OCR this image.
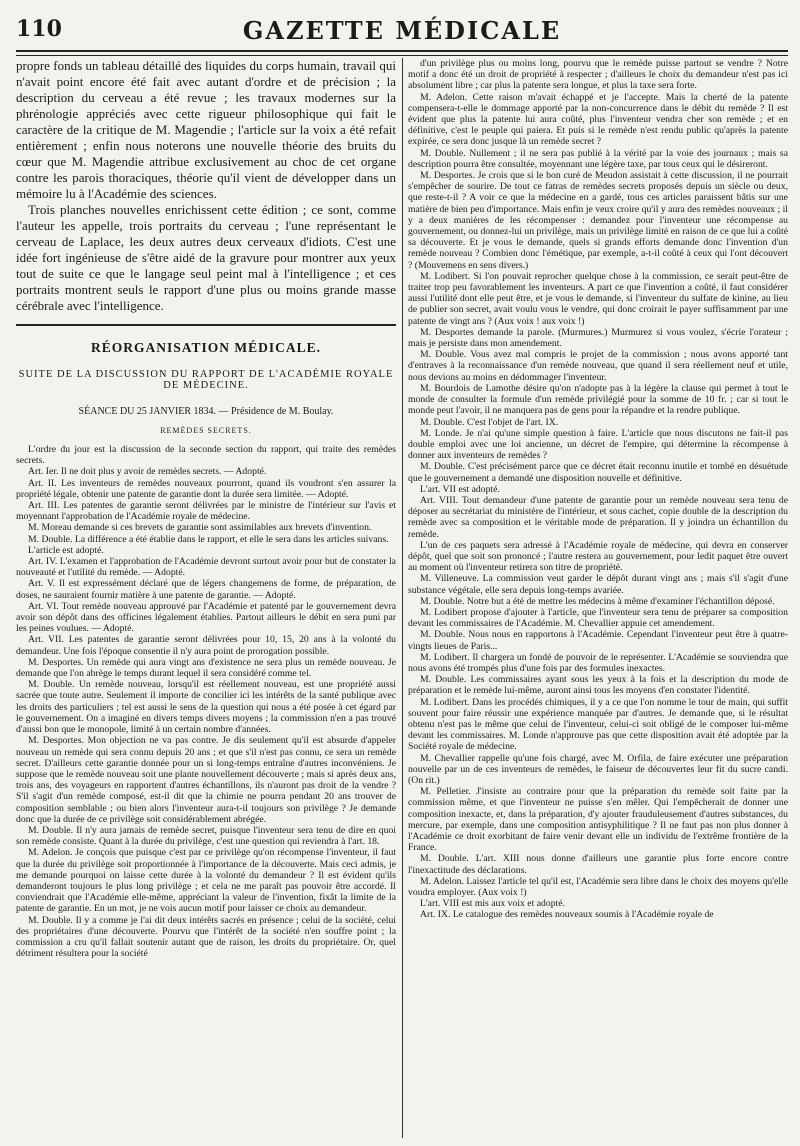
110	GAZETTE MÉDICALE

propre fonds un tableau détaillé des liquides du corps humain, travail qui n'avait point encore été fait avec autant d'ordre et de précision ; la description du cerveau a été revue ; les travaux modernes sur la phrénologie appréciés avec cette rigueur philosophique qui fait le caractère de la critique de M. Magendie ; l'article sur la voix a été refait entièrement ; enfin nous noterons une nouvelle théorie des bruits du cœur que M. Magendie attribue exclusivement au choc de cet organe contre les parois thoraciques, théorie qu'il vient de développer dans un mémoire lu à l'Académie des sciences.

Trois planches nouvelles enrichissent cette édition ; ce sont, comme l'auteur les appelle, trois portraits du cerveau ; l'une représentant le cerveau de Laplace, les deux autres deux cerveaux d'idiots. C'est une idée fort ingénieuse de s'être aidé de la gravure pour montrer aux yeux tout de suite ce que le langage seul peint mal à l'intelligence ; et ces portraits montrent seuls le rapport d'une plus ou moins grande masse cérébrale avec l'intelligence.

RÉORGANISATION MÉDICALE.

SUITE DE LA DISCUSSION DU RAPPORT DE L'ACADÉMIE ROYALE DE MÉDECINE.

SÉANCE DU 25 JANVIER 1834. — Présidence de M. Boulay.

REMÈDES SECRETS.

L'ordre du jour est la discussion de la seconde section du rapport, qui traite des remèdes secrets.

Art. Ier. Il ne doit plus y avoir de remèdes secrets. — Adopté.

Art. II. Les inventeurs de remèdes nouveaux pourront, quand ils voudront s'en assurer la propriété légale, obtenir une patente de garantie dont la durée sera limitée. — Adopté.

Art. III. Les patentes de garantie seront délivrées par le ministre de l'intérieur sur l'avis et moyennant l'approbation de l'Académie royale de médecine.

M. Moreau demande si ces brevets de garantie sont assimilables aux brevets d'invention.

M. Double. La différence a été établie dans le rapport, et elle le sera dans les articles suivans.

L'article est adopté.

Art. IV. L'examen et l'approbation de l'Académie devront surtout avoir pour but de constater la nouveauté et l'utilité du remède. — Adopté.

Art. V. Il est expressément déclaré que de légers changemens de forme, de préparation, de doses, ne sauraient fournir matière à une patente de garantie. — Adopté.

Art. VI. Tout remède nouveau approuvé par l'Académie et patenté par le gouvernement devra avoir son dépôt dans des officines légalement établies. Partout ailleurs le débit en sera puni par les peines voulues. — Adopté.

Art. VII. Les patentes de garantie seront délivrées pour 10, 15, 20 ans à la volonté du demandeur. Une fois l'époque consentie il n'y aura point de prorogation possible.

M. Desportes. Un remède qui aura vingt ans d'existence ne sera plus un remède nouveau. Je demande que l'on abrège le temps durant lequel il sera considéré comme tel.

M. Double. Un remède nouveau, lorsqu'il est réellement nouveau, est une propriété aussi sacrée que toute autre. Seulement il importe de concilier ici les intérêts de la santé publique avec les droits des particuliers ; tel est aussi le sens de la question qui nous a été posée à cet égard par le gouvernement. On a imaginé en divers temps divers moyens ; la commission n'en a pas trouvé d'aussi bon que le monopole, limité à un certain nombre d'années.

M. Desportes. Mon objection ne va pas contre. Je dis seulement qu'il est absurde d'appeler nouveau un remède qui sera connu depuis 20 ans ; et que s'il n'est pas connu, ce sera un remède secret. D'ailleurs cette garantie donnée pour un si long-temps entraîne d'autres inconvéniens. Je suppose que le remède nouveau soit une plante nouvellement découverte ; mais si après deux ans, trois ans, des voyageurs en rapportent d'autres échantillons, ils n'auront pas droit de la vendre ? S'il s'agit d'un remède composé, est-il dit que la chimie ne pourra pendant 20 ans trouver de composition semblable ; ou bien alors l'inventeur aura-t-il toujours son privilège ? Je demande donc que la durée de ce privilège soit considérablement abrégée.

M. Double. Il n'y aura jamais de remède secret, puisque l'inventeur sera tenu de dire en quoi son remède consiste. Quant à la durée du privilège, c'est une question qui reviendra à l'art. 18.

M. Adelon. Je conçois que puisque c'est par ce privilège qu'on récompense l'inventeur, il faut que la durée du privilège soit proportionnée à l'importance de la découverte. Mais ceci admis, je me demande pourquoi on laisse cette durée à la volonté du demandeur ? Il est évident qu'ils demanderont toujours le plus long privilège ; et cela ne me paraît pas pouvoir être accordé. Il conviendrait que l'Académie elle-même, appréciant la valeur de l'invention, fixât la limite de la patente de garantie. En un mot, je ne vois aucun motif pour laisser ce choix au demandeur.

M. Double. Il y a comme je l'ai dit deux intérêts sacrés en présence ; celui de la société, celui des propriétaires d'une découverte. Pourvu que l'intérêt de la société n'en souffre point ; la commission a cru qu'il fallait soutenir autant que de raison, les droits du propriétaire. Or, quel détriment résultera pour la société

d'un privilège plus ou moins long, pourvu que le remède puisse partout se vendre ? Notre motif a donc été un droit de propriété à respecter ; d'ailleurs le choix du demandeur n'est pas ici absolument libre ; car plus la patente sera longue, et plus la taxe sera forte.

M. Adelon. Cette raison m'avait échappé et je l'accepte. Mais la cherté de la patente compensera-t-elle le dommage apporté par la non-concurrence dans le débit du remède ? Il est évident que plus la patente lui aura coûté, plus l'inventeur vendra cher son remède ; et en définitive, c'est le peuple qui paiera. Et puis si le remède n'est rendu public qu'après la patente expirée, ce sera donc jusque là un remède secret ?

M. Double. Nullement ; il ne sera pas publié à la vérité par la voie des journaux ; mais sa description pourra être consultée, moyennant une légère taxe, par tous ceux qui le désireront.

M. Desportes. Je crois que si le bon curé de Meudon assistait à cette discussion, il ne pourrait s'empêcher de sourire. De tout ce fatras de remèdes secrets proposés depuis un siècle ou deux, que reste-t-il ? A voir ce que la médecine en a gardé, tous ces articles paraissent bâtis sur une matière de bien peu d'importance. Mais enfin je veux croire qu'il y aura des remèdes nouveaux ; il y a deux manières de les récompenser : demandez pour l'inventeur une récompense au gouvernement, ou donnez-lui un privilège, mais un privilège limité en raison de ce que lui a coûté sa découverte. Et je vous le demande, quels si grands efforts demande donc l'invention d'un remède nouveau ? Combien donc l'émétique, par exemple, a-t-il coûté à ceux qui l'ont découvert ? (Mouvemens en sens divers.)

M. Lodibert. Si l'on pouvait reprocher quelque chose à la commission, ce serait peut-être de traiter trop peu favorablement les inventeurs. A part ce que l'invention a coûté, il faut considérer aussi l'utilité dont elle peut être, et je vous le demande, si l'inventeur du sulfate de kinine, au lieu de publier son secret, avait voulu vous le vendre, qui donc croirait le payer suffisamment par une patente de vingt ans ? (Aux voix ! aux voix !)

M. Desportes demande la parole. (Murmures.) Murmurez si vous voulez, s'écrie l'orateur ; mais je persiste dans mon amendement.

M. Double. Vous avez mal compris le projet de la commission ; nous avons apporté tant d'entraves à la reconnaissance d'un remède nouveau, que quand il sera réellement neuf et utile, nous devions au moins en dédommager l'inventeur.

M. Bourdois de Lamothe désire qu'on n'adopte pas à la légère la clause qui permet à tout le monde de consulter la formule d'un remède privilégié pour la somme de 10 fr. ; car si tout le monde peut l'avoir, il ne manquera pas de gens pour la répandre et la rendre publique.

M. Double. C'est l'objet de l'art. IX.

M. Londe. Je n'ai qu'une simple question à faire. L'article que nous discutons ne fait-il pas double emploi avec une loi ancienne, un décret de l'empire, qui détermine la récompense à donner aux inventeurs de remèdes ?

M. Double. C'est précisément parce que ce décret était reconnu inutile et tombé en désuétude que le gouvernement a demandé une disposition nouvelle et définitive.

L'art. VII est adopté.

Art. VIII. Tout demandeur d'une patente de garantie pour un remède nouveau sera tenu de déposer au secrétariat du ministère de l'intérieur, et sous cachet, copie double de la description du remède avec sa composition et le véritable mode de préparation. Il y joindra un échantillon du remède.

L'un de ces paquets sera adressé à l'Académie royale de médecine, qui devra en conserver dépôt, quel que soit son prononcé ; l'autre restera au gouvernement, pour ledit paquet être ouvert au moment où l'inventeur retirera son titre de propriété.

M. Villeneuve. La commission veut garder le dépôt durant vingt ans ; mais s'il s'agit d'une substance végétale, elle sera depuis long-temps avariée.

M. Double. Notre but a été de mettre les médecins à même d'examiner l'échantillon déposé.

M. Lodibert propose d'ajouter à l'article, que l'inventeur sera tenu de préparer sa composition devant les commissaires de l'Académie. M. Chevallier appuie cet amendement.

M. Double. Nous nous en rapportons à l'Académie. Cependant l'inventeur peut être à quatre-vingts lieues de Paris...

M. Lodibert. Il chargera un fondé de pouvoir de le représenter. L'Académie se souviendra que nous avons été trompés plus d'une fois par des formules inexactes.

M. Double. Les commissaires ayant sous les yeux à la fois et la description du mode de préparation et le remède lui-même, auront ainsi tous les moyens d'en constater l'identité.

M. Lodibert. Dans les procédés chimiques, il y a ce que l'on nomme le tour de main, qui suffit souvent pour faire réussir une expérience manquée par d'autres. Je demande que, si le résultat obtenu n'est pas le même que celui de l'inventeur, celui-ci soit obligé de le composer lui-même devant les commissaires. M. Londe n'approuve pas que cette disposition avait été adoptée par la Société royale de médecine.

M. Chevallier rappelle qu'une fois chargé, avec M. Orfila, de faire exécuter une préparation nouvelle par un de ces inventeurs de remèdes, le faiseur de découvertes leur fit du sucre candi. (On rit.)

M. Pelletier. J'insiste au contraire pour que la préparation du remède soit faite par la commission même, et que l'inventeur ne puisse s'en mêler. Qui l'empêcherait de donner une composition inexacte, et, dans la préparation, d'y ajouter frauduleusement d'autres substances, du mercure, par exemple, dans une composition antisyphilitique ? Il ne faut pas non plus donner à l'Académie ce droit exorbitant de faire venir devant elle un individu de l'extrême frontière de la France.

M. Double. L'art. XIII nous donne d'ailleurs une garantie plus forte encore contre l'inexactitude des déclarations.

M. Adelon. Laissez l'article tel qu'il est, l'Académie sera libre dans le choix des moyens qu'elle voudra employer. (Aux voix !)

L'art. VIII est mis aux voix et adopté.

Art. IX. Le catalogue des remèdes nouveaux soumis à l'Académie royale de
